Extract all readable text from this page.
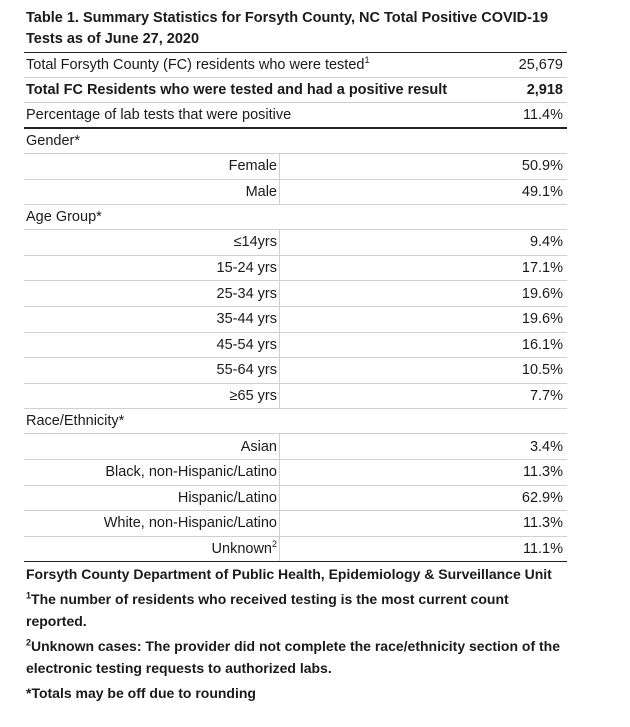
Table 1. Summary Statistics for Forsyth County, NC Total Positive COVID-19 Tests as of June 27, 2020
Total Forsyth County (FC) residents who were tested$^1$	25,679
Total FC Residents who were tested and had a positive result	2,918
Percentage of lab tests that were positive	11.4%
Gender*
Female	50.9%
Male	49.1%
Age Group*
≤14yrs	9.4%
15-24 yrs	17.1%
25-34 yrs	19.6%
35-44 yrs	19.6%
45-54 yrs	16.1%
55-64 yrs	10.5%
≥65 yrs	7.7%
Race/Ethnicity*
Asian	3.4%
Black, non-Hispanic/Latino	11.3%
Hispanic/Latino	62.9%
White, non-Hispanic/Latino	11.3%
Unknown$^2$	11.1%

Forsyth County Department of Public Health, Epidemiology & Surveillance Unit

$^1$The number of residents who received testing is the most current count reported.

$^2$Unknown cases: The provider did not complete the race/ethnicity section of the electronic testing requests to authorized labs.

*Totals may be off due to rounding
